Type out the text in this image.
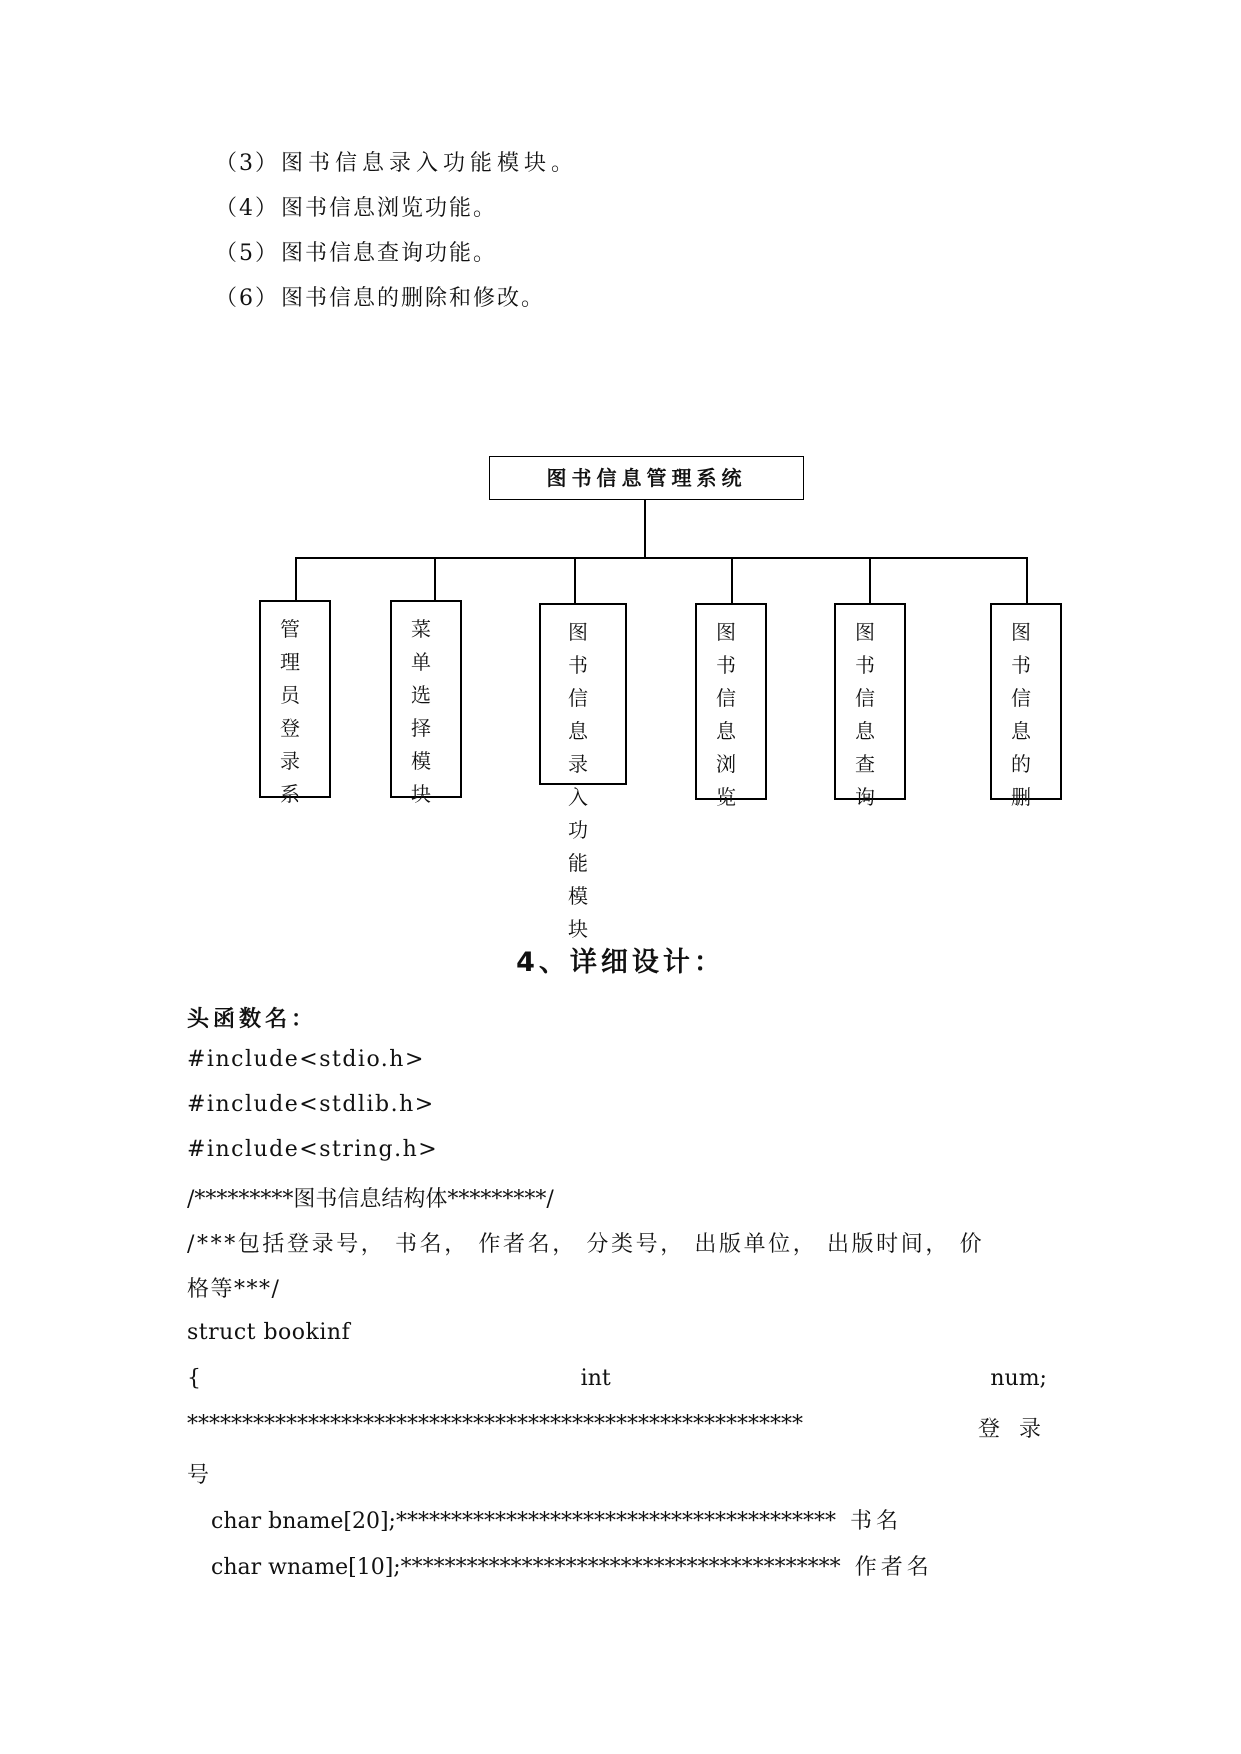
（3）图书信息录入功能模块。
（4）图书信息浏览功能。
（5）图书信息查询功能。
（6）图书信息的删除和修改。
图书信息管理系统
管理员登录系
菜单选择模块
图书信息录入功能模块
图书信息浏览
图书信息查询
图书信息的删
4、详细设计：
头函数名：
#include<stdio.h>
#include<stdlib.h>
#include<string.h>
/*********图书信息结构体*********/
/***包括登录号， 书名， 作者名， 分类号， 出版单位， 出版时间， 价
格等***/
struct bookinf
{	int	num;
********************************************************	登 录
号
char bname[20];**************************************** 书名
char wname[10];**************************************** 作者名
